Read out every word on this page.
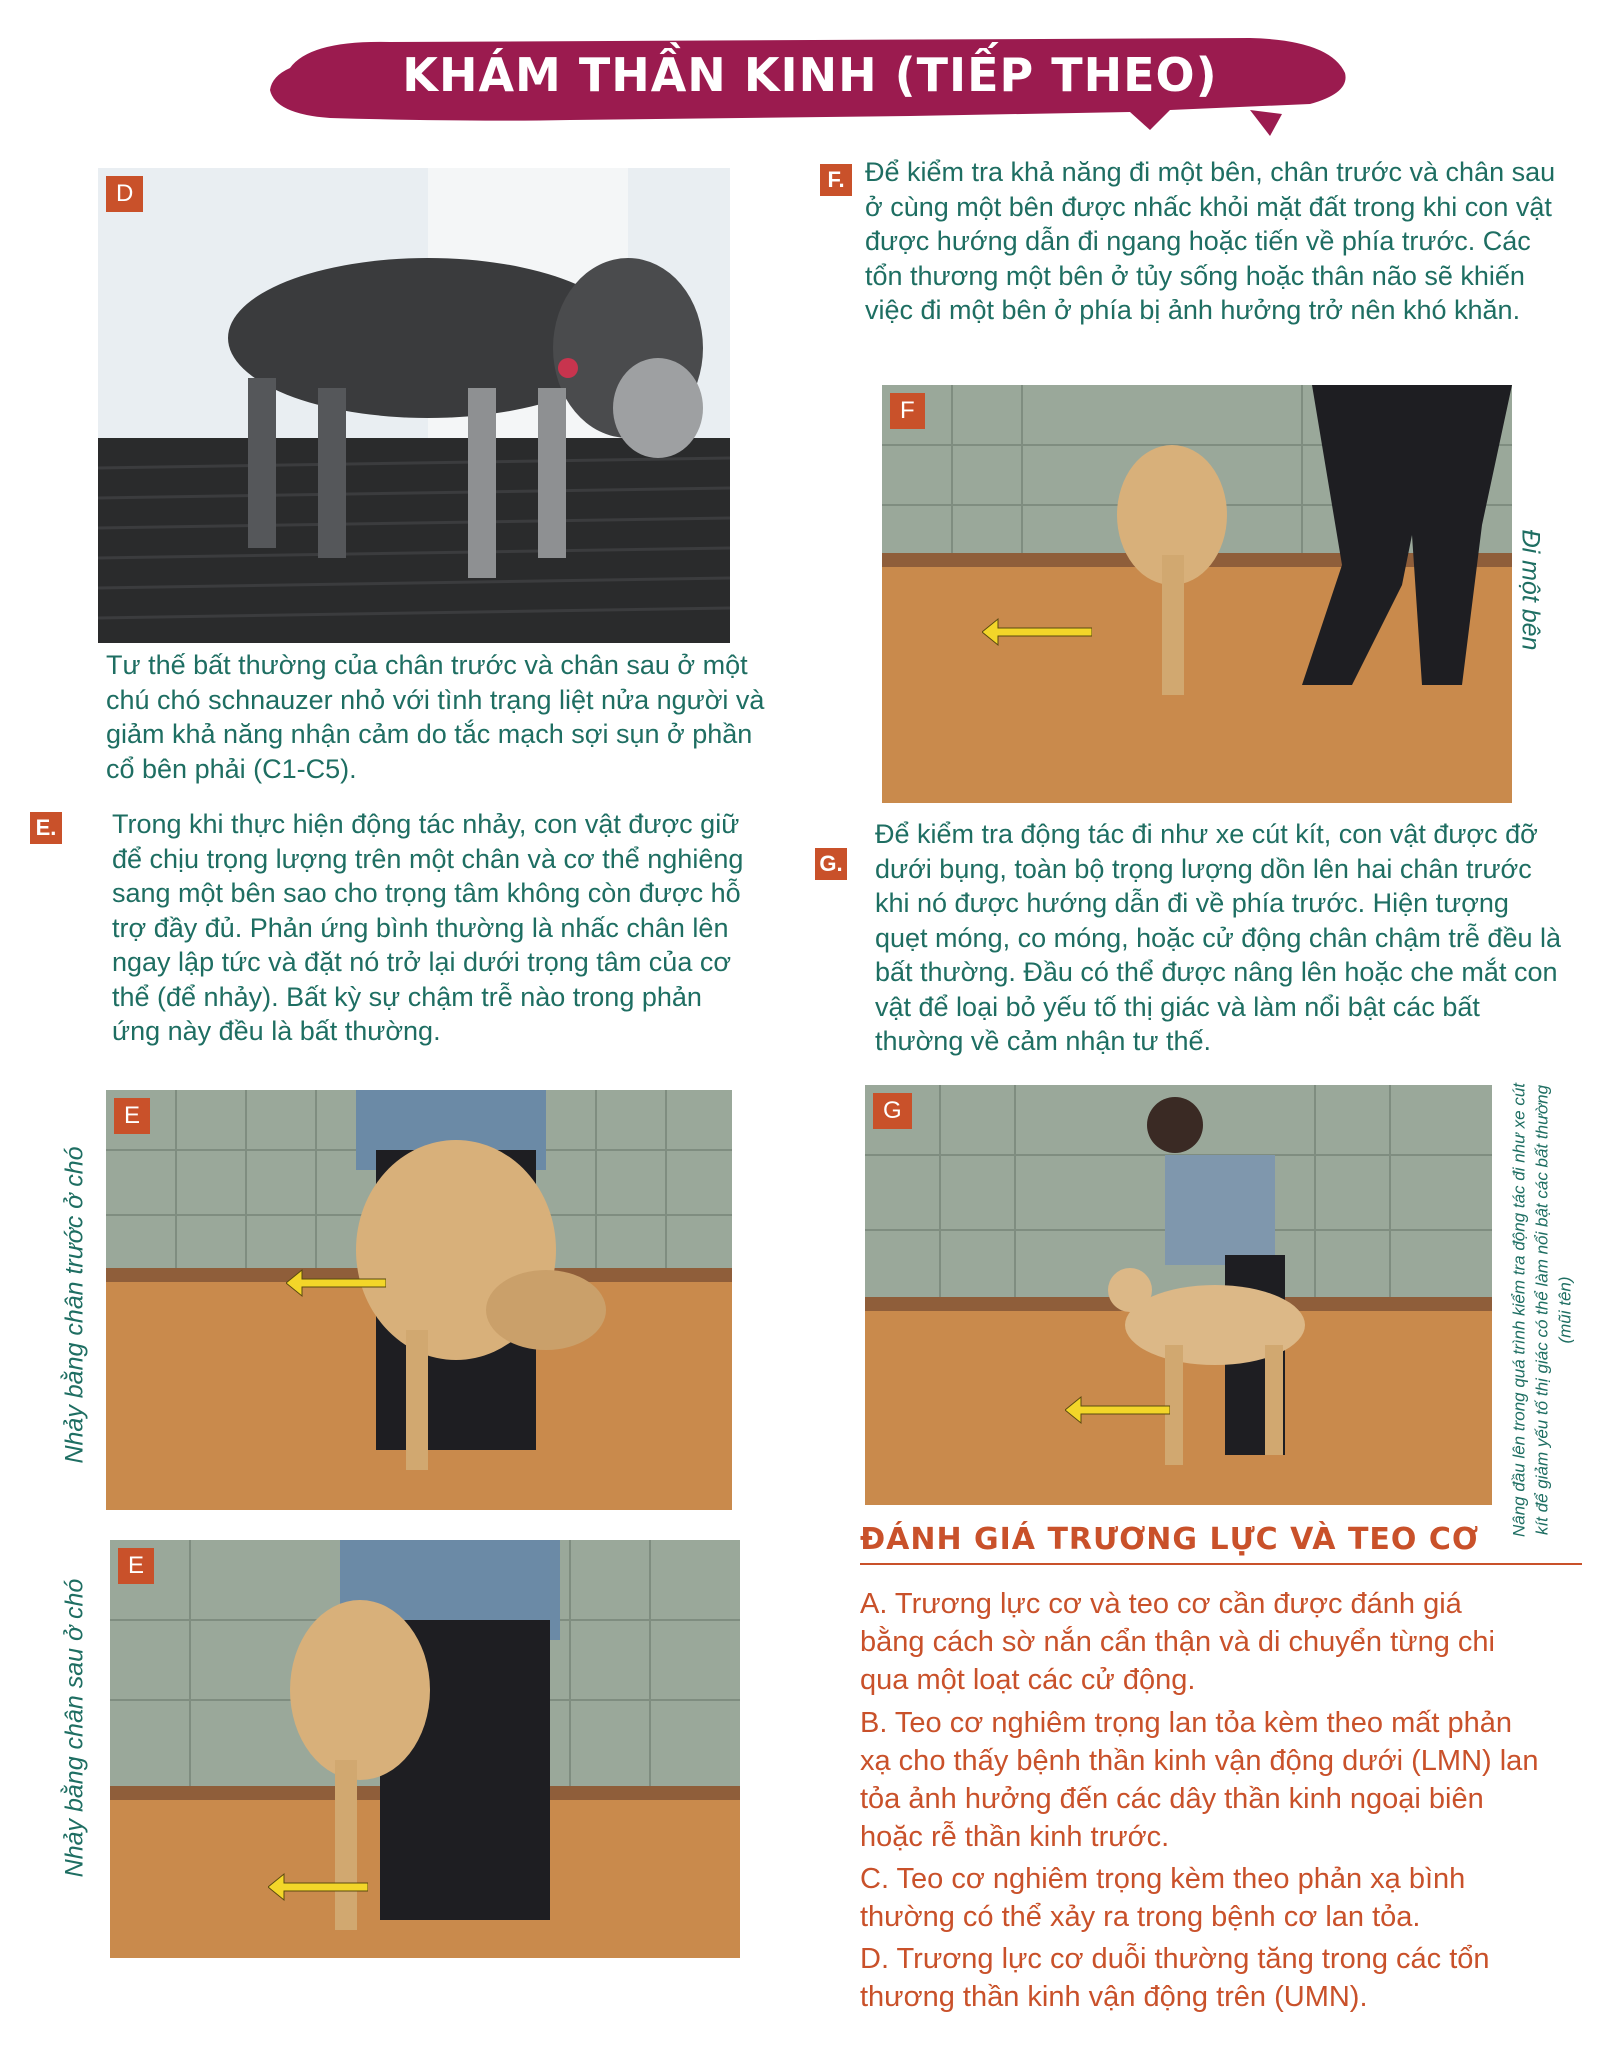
KHÁM THẦN KINH (TIẾP THEO)
D
Tư thế bất thường của chân trước và chân sau ở một chú chó schnauzer nhỏ với tình trạng liệt nửa người và giảm khả năng nhận cảm do tắc mạch sợi sụn ở phần cổ bên phải (C1-C5).
E. Trong khi thực hiện động tác nhảy, con vật được giữ để chịu trọng lượng trên một chân và cơ thể nghiêng sang một bên sao cho trọng tâm không còn được hỗ trợ đầy đủ. Phản ứng bình thường là nhấc chân lên ngay lập tức và đặt nó trở lại dưới trọng tâm của cơ thể (để nhảy). Bất kỳ sự chậm trễ nào trong phản ứng này đều là bất thường.
Nhảy bằng chân trước ở chó
E
Nhảy bằng chân sau ở chó
E
F. Để kiểm tra khả năng đi một bên, chân trước và chân sau ở cùng một bên được nhấc khỏi mặt đất trong khi con vật được hướng dẫn đi ngang hoặc tiến về phía trước. Các tổn thương một bên ở tủy sống hoặc thân não sẽ khiến việc đi một bên ở phía bị ảnh hưởng trở nên khó khăn.
F
Đi một bên
G.
Để kiểm tra động tác đi như xe cút kít, con vật được đỡ dưới bụng, toàn bộ trọng lượng dồn lên hai chân trước khi nó được hướng dẫn đi về phía trước. Hiện tượng quẹt móng, co móng, hoặc cử động chân chậm trễ đều là bất thường. Đầu có thể được nâng lên hoặc che mắt con vật để loại bỏ yếu tố thị giác và làm nổi bật các bất thường về cảm nhận tư thế.
G	Nâng đầu lên trong quá trình kiểm tra động tác đi như xe cút kít để giảm yếu tố thị giác có thể làm nổi bật các bất thường (mũi tên)
ĐÁNH GIÁ TRƯƠNG LỰC VÀ TEO CƠ
A. Trương lực cơ và teo cơ cần được đánh giá bằng cách sờ nắn cẩn thận và di chuyển từng chi qua một loạt các cử động.
B. Teo cơ nghiêm trọng lan tỏa kèm theo mất phản xạ cho thấy bệnh thần kinh vận động dưới (LMN) lan tỏa ảnh hưởng đến các dây thần kinh ngoại biên hoặc rễ thần kinh trước.
C. Teo cơ nghiêm trọng kèm theo phản xạ bình thường có thể xảy ra trong bệnh cơ lan tỏa.
D. Trương lực cơ duỗi thường tăng trong các tổn thương thần kinh vận động trên (UMN).
